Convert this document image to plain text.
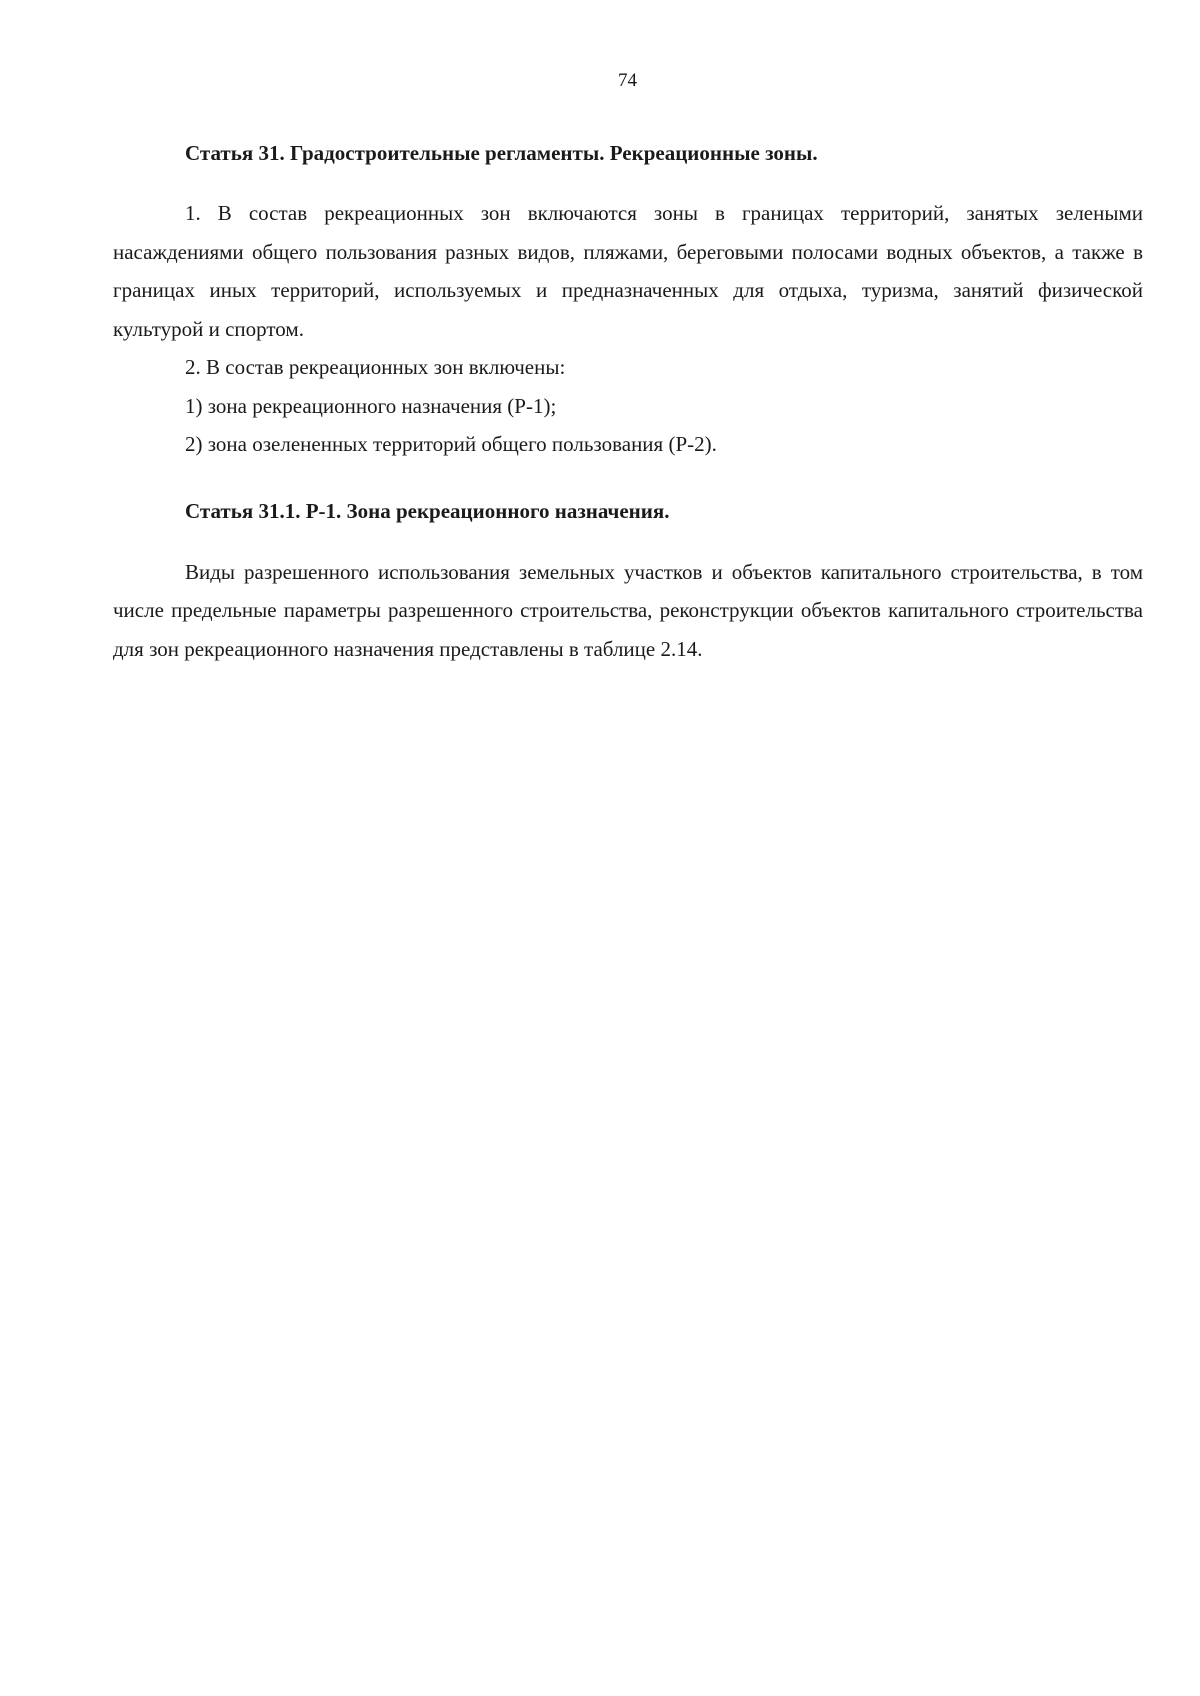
74

Статья 31. Градостроительные регламенты. Рекреационные зоны.

1. В состав рекреационных зон включаются зоны в границах территорий, занятых зелеными насаждениями общего пользования разных видов, пляжами, береговыми полосами водных объектов, а также в границах иных территорий, используемых и предназначенных для отдыха, туризма, занятий физической культурой и спортом.

2. В состав рекреационных зон включены:

1) зона рекреационного назначения (Р-1);

2) зона озелененных территорий общего пользования (Р-2).

Статья 31.1. Р-1. Зона рекреационного назначения.

Виды разрешенного использования земельных участков и объектов капитального строительства, в том числе предельные параметры разрешенного строительства, реконструкции объектов капитального строительства для зон рекреационного назначения представлены в таблице 2.14.
